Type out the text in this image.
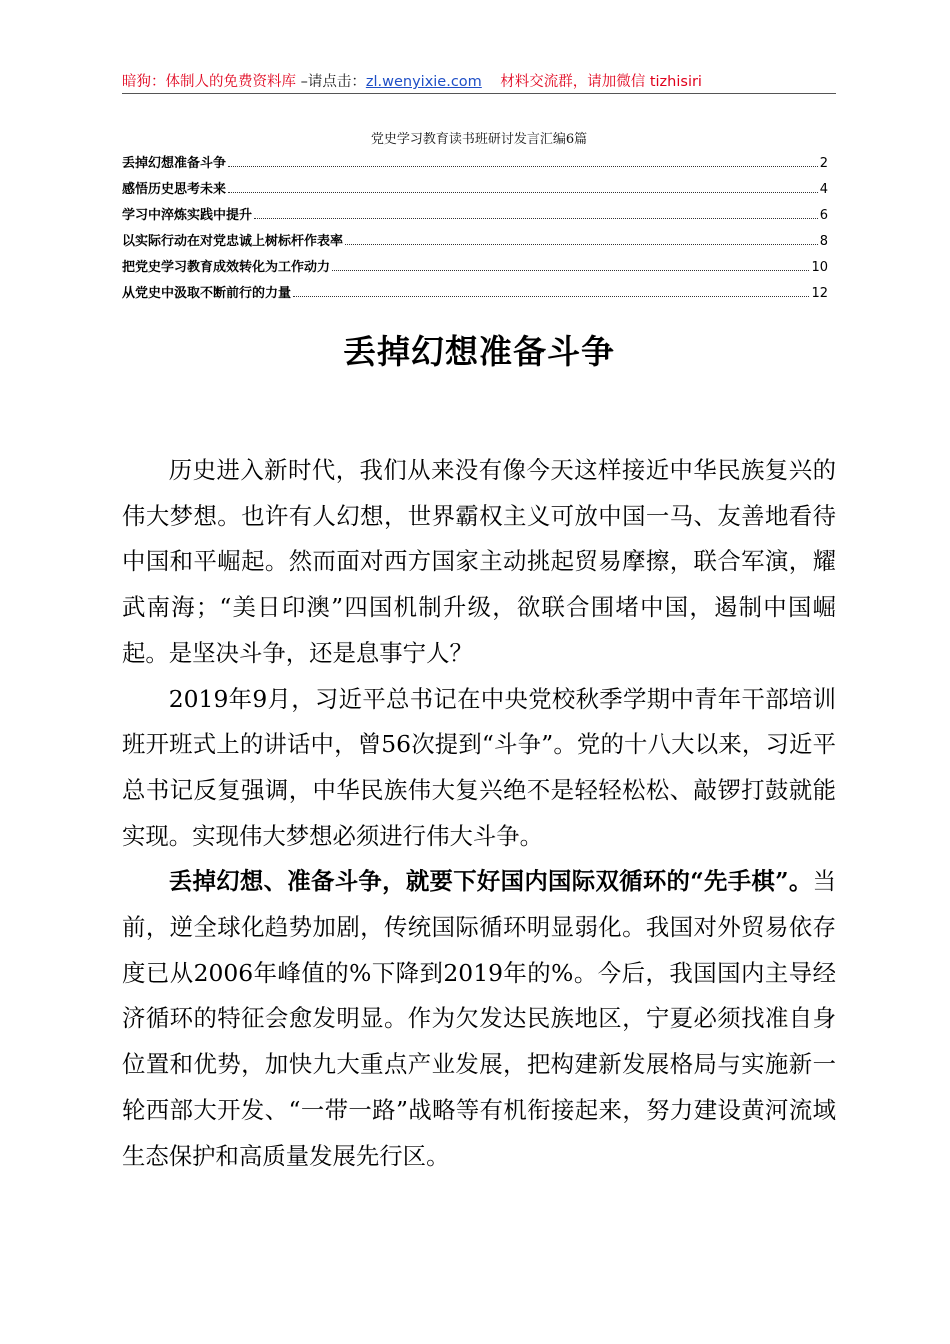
暗狗：体制人的免费资料库 –请点击：zl.wenyixie.com 材料交流群，请加微信 tizhisiri
党史学习教育读书班研讨发言汇编6篇
丢掉幻想准备斗争	2
感悟历史思考未来	4
学习中淬炼实践中提升	6
以实际行动在对党忠诚上树标杆作表率	8
把党史学习教育成效转化为工作动力	10
从党史中汲取不断前行的力量	12
丢掉幻想准备斗争

历史进入新时代，我们从来没有像今天这样接近中华民族复兴的伟大梦想。也许有人幻想，世界霸权主义可放中国一马、友善地看待中国和平崛起。然而面对西方国家主动挑起贸易摩擦，联合军演，耀武南海；“美日印澳”四国机制升级，欲联合围堵中国，遏制中国崛起。是坚决斗争，还是息事宁人？

2019年9月，习近平总书记在中央党校秋季学期中青年干部培训班开班式上的讲话中，曾56次提到“斗争”。党的十八大以来，习近平总书记反复强调，中华民族伟大复兴绝不是轻轻松松、敲锣打鼓就能实现。实现伟大梦想必须进行伟大斗争。

丢掉幻想、准备斗争，就要下好国内国际双循环的“先手棋”。当前，逆全球化趋势加剧，传统国际循环明显弱化。我国对外贸易依存度已从2006年峰值的%下降到2019年的%。今后，我国国内主导经济循环的特征会愈发明显。作为欠发达民族地区，宁夏必须找准自身位置和优势，加快九大重点产业发展，把构建新发展格局与实施新一轮西部大开发、“一带一路”战略等有机衔接起来，努力建设黄河流域生态保护和高质量发展先行区。
